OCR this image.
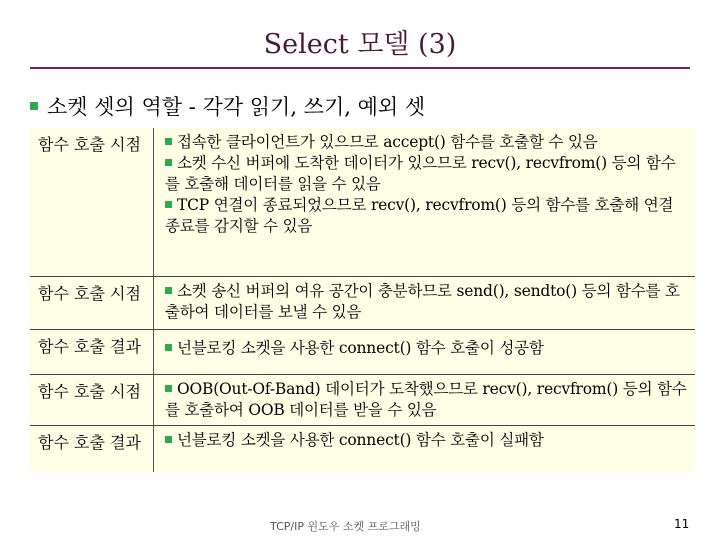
Select 모델 (3)
소켓 셋의 역할 - 각각 읽기, 쓰기, 예외 셋
함수 호출 시점	접속한 클라이언트가 있으므로 accept() 함수를 호출할 수 있음
소켓 수신 버퍼에 도착한 데이터가 있으므로 recv(), recvfrom() 등의 함수를 호출해 데이터를 읽을 수 있음
TCP 연결이 종료되었으므로 recv(), recvfrom() 등의 함수를 호출해 연결 종료를 감지할 수 있음
함수 호출 시점	소켓 송신 버퍼의 여유 공간이 충분하므로 send(), sendto() 등의 함수를 호출하여 데이터를 보낼 수 있음
함수 호출 결과	넌블로킹 소켓을 사용한 connect() 함수 호출이 성공함
함수 호출 시점	OOB(Out-Of-Band) 데이터가 도착했으므로 recv(), recvfrom() 등의 함수를 호출하여 OOB 데이터를 받을 수 있음
함수 호출 결과	넌블로킹 소켓을 사용한 connect() 함수 호출이 실패함
TCP/IP 윈도우 소켓 프로그래밍	11
